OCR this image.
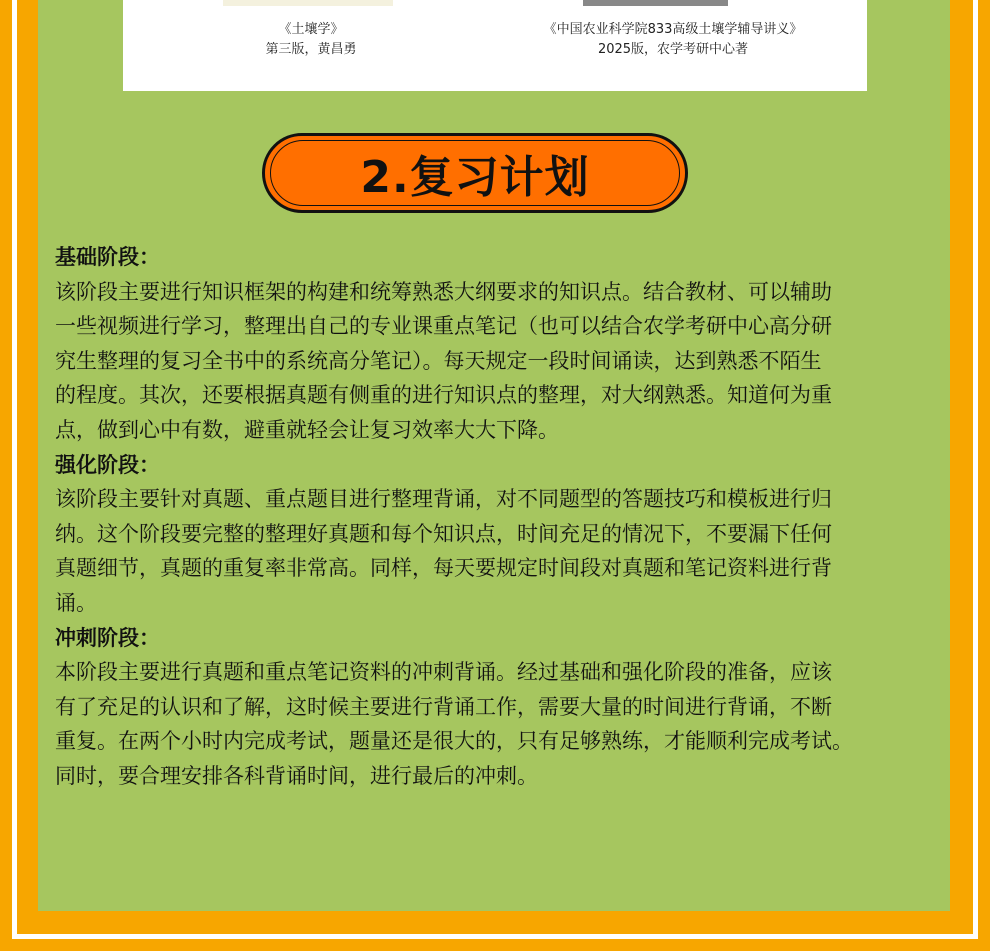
《土壤学》
第三版，黄昌勇
《中国农业科学院833高级土壤学辅导讲义》
2025版，农学考研中心著
2.复习计划

基础阶段：

该阶段主要进行知识框架的构建和统筹熟悉大纲要求的知识点。结合教材、可以辅助
一些视频进行学习，整理出自己的专业课重点笔记（也可以结合农学考研中心高分研
究生整理的复习全书中的系统高分笔记）。每天规定一段时间诵读，达到熟悉不陌生
的程度。其次，还要根据真题有侧重的进行知识点的整理，对大纲熟悉。知道何为重
点，做到心中有数，避重就轻会让复习效率大大下降。

强化阶段：

该阶段主要针对真题、重点题目进行整理背诵，对不同题型的答题技巧和模板进行归
纳。这个阶段要完整的整理好真题和每个知识点，时间充足的情况下，不要漏下任何
真题细节，真题的重复率非常高。同样，每天要规定时间段对真题和笔记资料进行背
诵。

冲刺阶段：

本阶段主要进行真题和重点笔记资料的冲刺背诵。经过基础和强化阶段的准备，应该
有了充足的认识和了解，这时候主要进行背诵工作，需要大量的时间进行背诵，不断
重复。在两个小时内完成考试，题量还是很大的，只有足够熟练，才能顺利完成考试。
同时，要合理安排各科背诵时间，进行最后的冲刺。
